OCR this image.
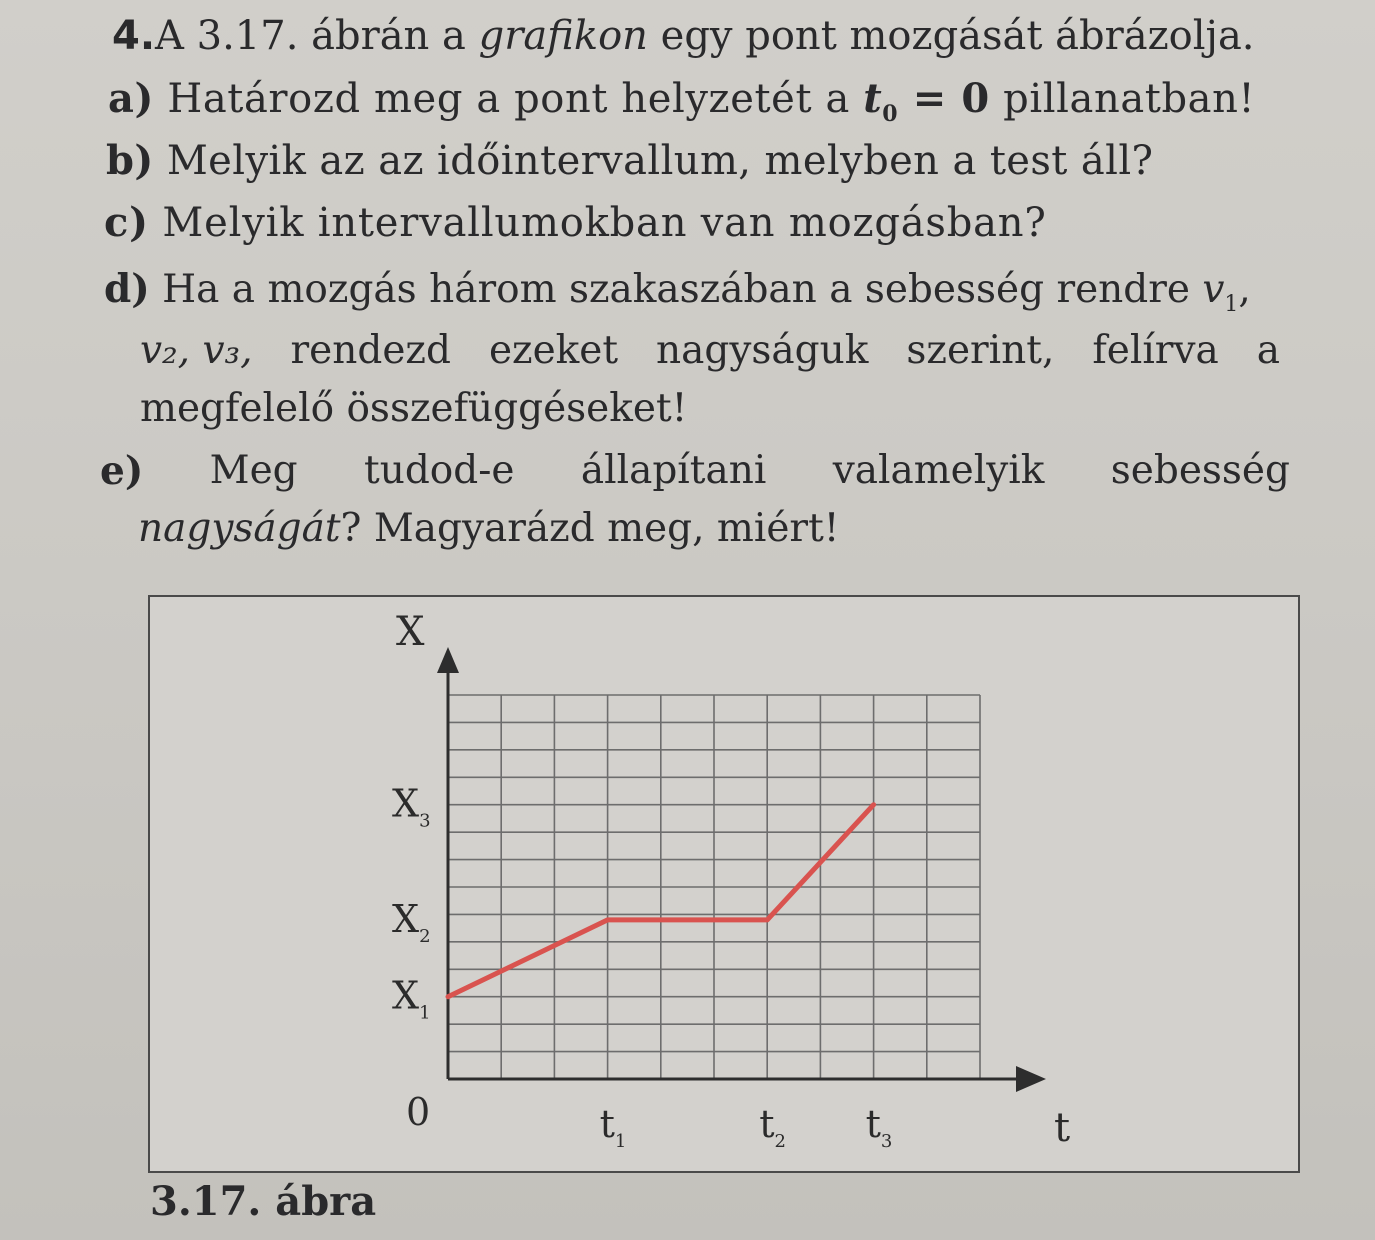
4.A 3.17. ábrán a grafikon egy pont mozgását ábrázolja.
a) Határozd meg a pont helyzetét a $t_0 = 0$ pillanatban!
b) Melyik az az időintervallum, melyben a test áll?
c) Melyik intervallumokban van mozgásban?
d) Ha a mozgás három szakaszában a sebesség rendre $v_1$,
v₂, v₃, rendezd ezeket nagyságuk szerint, felírva a
megfelelő összefüggéseket!
e) Meg tudod-e állapítani valamelyik sebesség
nagyságát? Magyarázd meg, miért!
X
t
0
$X_1$
$X_2$
$X_3$
$t_1$	$t_2$ $t_3$
3.17. ábra
